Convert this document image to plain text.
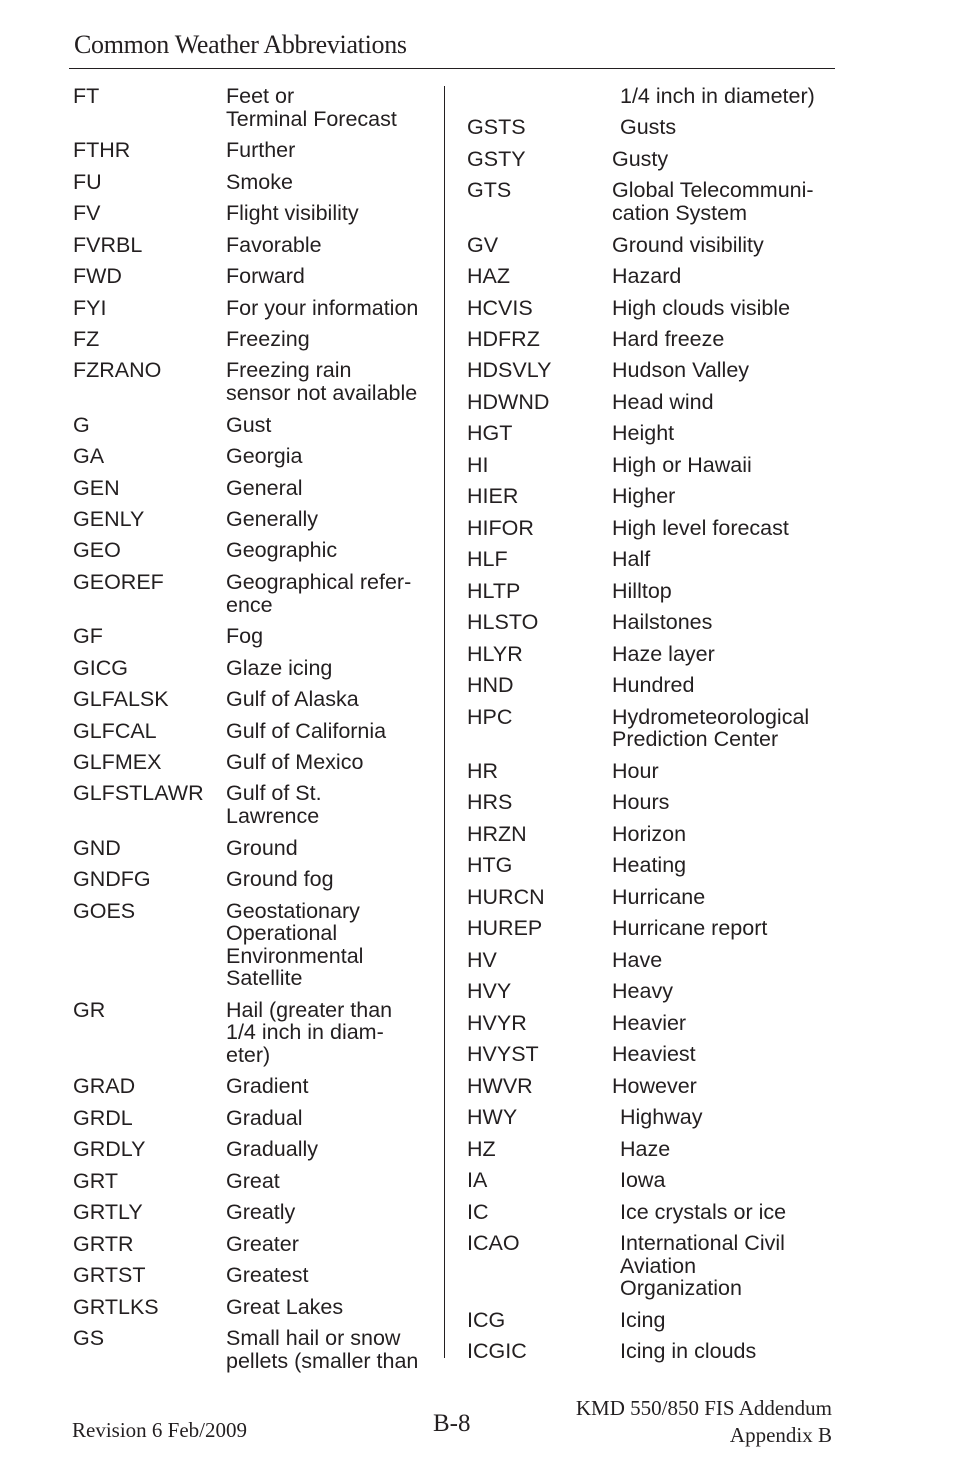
Common Weather Abbreviations
FT	Feet or
Terminal Forecast
FTHR	Further
FU	Smoke
FV	Flight visibility
FVRBL	Favorable
FWD	Forward
FYI	For your information
FZ	Freezing
FZRANO	Freezing rain
sensor not available
G	Gust
GA	Georgia
GEN	General
GENLY	Generally
GEO	Geographic
GEOREF	Geographical refer-
ence
GF	Fog
GICG	Glaze icing
GLFALSK	Gulf of Alaska
GLFCAL	Gulf of California
GLFMEX	Gulf of Mexico
GLFSTLAWR	Gulf of St.
Lawrence
GND	Ground
GNDFG	Ground fog
GOES	Geostationary
Operational
Environmental
Satellite
GR	Hail (greater than
1/4 inch in diam-
eter)
GRAD	Gradient
GRDL	Gradual
GRDLY	Gradually
GRT	Great
GRTLY	Greatly
GRTR	Greater
GRTST	Greatest
GRTLKS	Great Lakes
GS	Small hail or snow
pellets (smaller than
1/4 inch in diameter)
GSTS	Gusts
GSTY	Gusty
GTS	Global Telecommuni-
cation System
GV	Ground visibility
HAZ	Hazard
HCVIS	High clouds visible
HDFRZ	Hard freeze
HDSVLY	Hudson Valley
HDWND	Head wind
HGT	Height
HI	High or Hawaii
HIER	Higher
HIFOR	High level forecast
HLF	Half
HLTP	Hilltop
HLSTO	Hailstones
HLYR	Haze layer
HND	Hundred
HPC	Hydrometeorological
Prediction Center
HR	Hour
HRS	Hours
HRZN	Horizon
HTG	Heating
HURCN	Hurricane
HUREP	Hurricane report
HV	Have
HVY	Heavy
HVYR	Heavier
HVYST	Heaviest
HWVR	However
HWY	Highway
HZ	Haze
IA	Iowa
IC	Ice crystals or ice
ICAO	International Civil
Aviation
Organization
ICG	Icing
ICGIC	Icing in clouds
Revision 6 Feb/2009	B-8
KMD 550/850 FIS Addendum
Appendix B
